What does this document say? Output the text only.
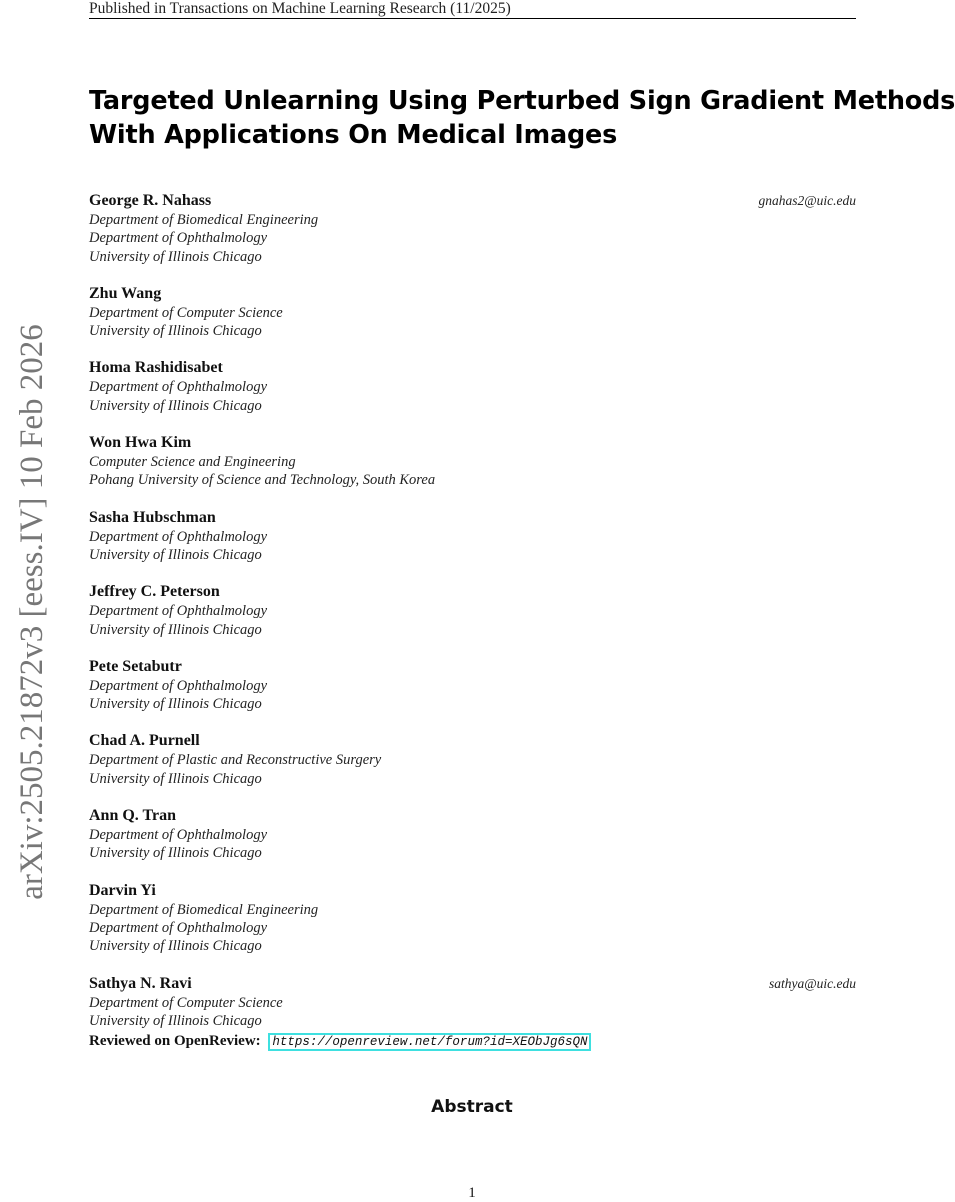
Published in Transactions on Machine Learning Research (11/2025)
arXiv:2505.21872v3 [eess.IV] 10 Feb 2026
Targeted Unlearning Using Perturbed Sign Gradient Methods
With Applications On Medical Images
George R. Nahass	gnahas2@uic.edu
Department of Biomedical Engineering
Department of Ophthalmology
University of Illinois Chicago
Zhu Wang
Department of Computer Science
University of Illinois Chicago
Homa Rashidisabet
Department of Ophthalmology
University of Illinois Chicago
Won Hwa Kim
Computer Science and Engineering
Pohang University of Science and Technology, South Korea
Sasha Hubschman
Department of Ophthalmology
University of Illinois Chicago
Jeffrey C. Peterson
Department of Ophthalmology
University of Illinois Chicago
Pete Setabutr
Department of Ophthalmology
University of Illinois Chicago
Chad A. Purnell
Department of Plastic and Reconstructive Surgery
University of Illinois Chicago
Ann Q. Tran
Department of Ophthalmology
University of Illinois Chicago
Darvin Yi
Department of Biomedical Engineering
Department of Ophthalmology
University of Illinois Chicago
Sathya N. Ravi	sathya@uic.edu
Department of Computer Science
University of Illinois Chicago
Reviewed on OpenReview: https://openreview.net/forum?id=XEObJg6sQN
Abstract
1
